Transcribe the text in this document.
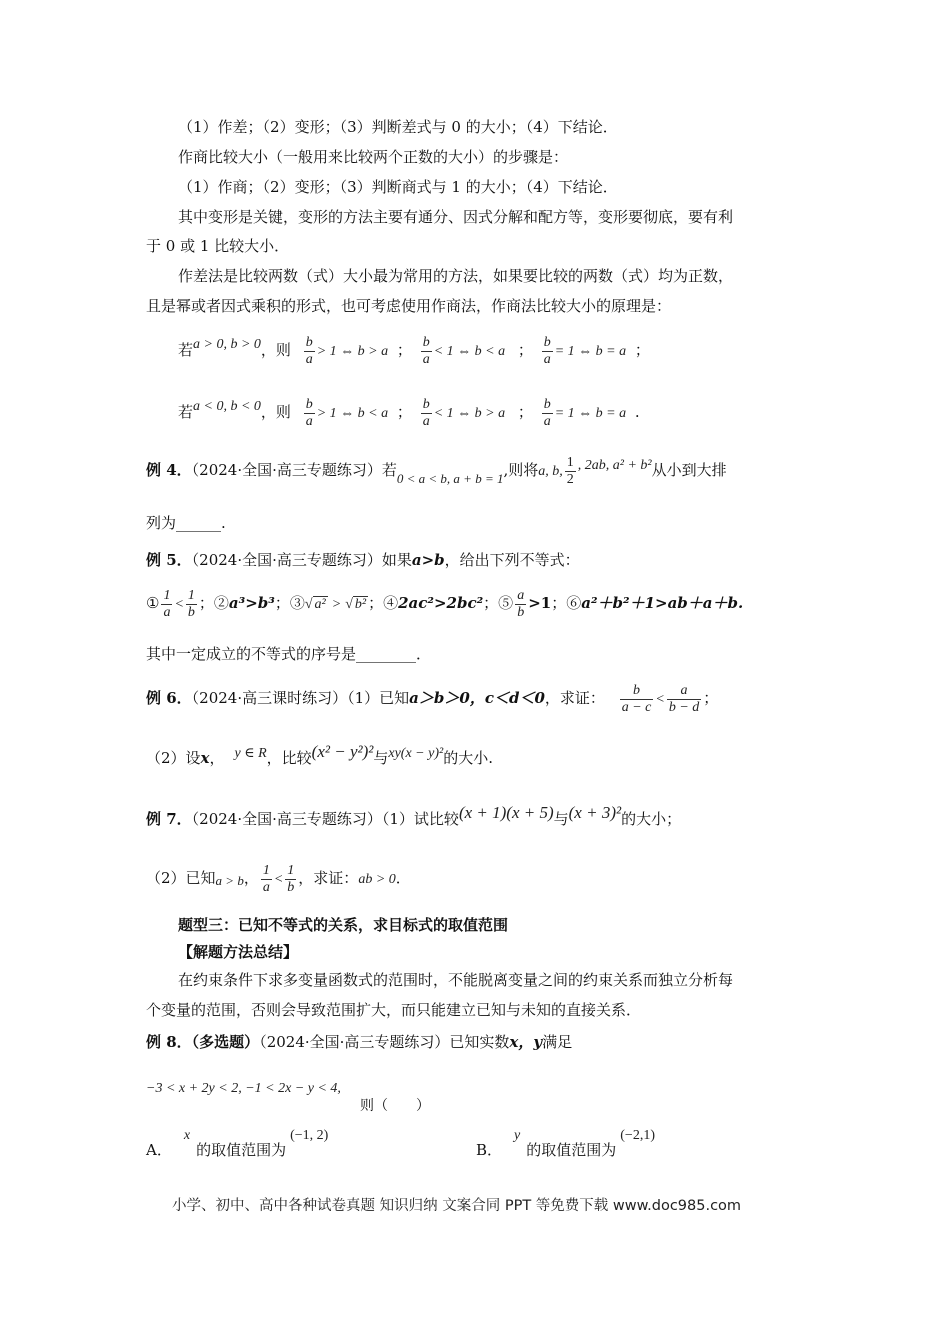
（1）作差；（2）变形；（3）判断差式与 0 的大小；（4）下结论．
作商比较大小（一般用来比较两个正数的大小）的步骤是：
（1）作商；（2）变形；（3）判断商式与 1 的大小；（4）下结论．
其中变形是关键，变形的方法主要有通分、因式分解和配方等，变形要彻底，要有利
于 0 或 1 比较大小．
作差法是比较两数（式）大小最为常用的方法，如果要比较的两数（式）均为正数，
且是幂或者因式乘积的形式，也可考虑使用作商法，作商法比较大小的原理是：
若a > 0, b > 0，则 $\frac{b}{a} > 1$ ⇔ b > a ； $\frac{b}{a} < 1$ ⇔ b < a ； $\frac{b}{a} = 1$ ⇔ b = a ；
若a < 0, b < 0，则 $\frac{b}{a} > 1$ ⇔ b < a ； $\frac{b}{a} < 1$ ⇔ b > a ； $\frac{b}{a} = 1$ ⇔ b = a .
例 4．（2024·全国·高三专题练习）若0 < a < b, a + b = 1,则将a, b, $\frac{1}{2}$ , 2ab, a² + b²从小到大排
列为______.
例 5．（2024·全国·高三专题练习）如果a>b，给出下列不等式：
① $\frac{1}{a} < \frac{1}{b}$ ；②a³>b³；③√ a² > √ b² ；④2ac²>2bc²；⑤ $\frac{a}{b} >1$；⑥a²＋b²＋1>ab＋a＋b.
其中一定成立的不等式的序号是________．
例 6．（2024·高三课时练习）（1）已知a＞b＞0，c＜d＜0，求证： $\frac{b}{a - c} < \frac{a}{b - d}$ ；
（2）设x， y ∈ R，比较(x² − y²)²与xy(x − y)²的大小.
例 7．（2024·全国·高三专题练习）（1）试比较(x + 1)(x + 5)与(x + 3)²的大小；
（2）已知a > b， $\frac{1}{a} < \frac{1}{b}$ ，求证：ab > 0．
题型三：已知不等式的关系，求目标式的取值范围
【解题方法总结】
在约束条件下求多变量函数式的范围时，不能脱离变量之间的约束关系而独立分析每
个变量的范围，否则会导致范围扩大，而只能建立已知与未知的直接关系．
例 8．（多选题）（2024·全国·高三专题练习）已知实数x，y满足
−3 < x + 2y < 2, −1 < 2x − y < 4,
则（　　）
A．x的取值范围为(−1, 2)
B．y的取值范围为(−2,1)
小学、初中、高中各种试卷真题 知识归纳 文案合同 PPT 等免费下载 www.doc985.com
